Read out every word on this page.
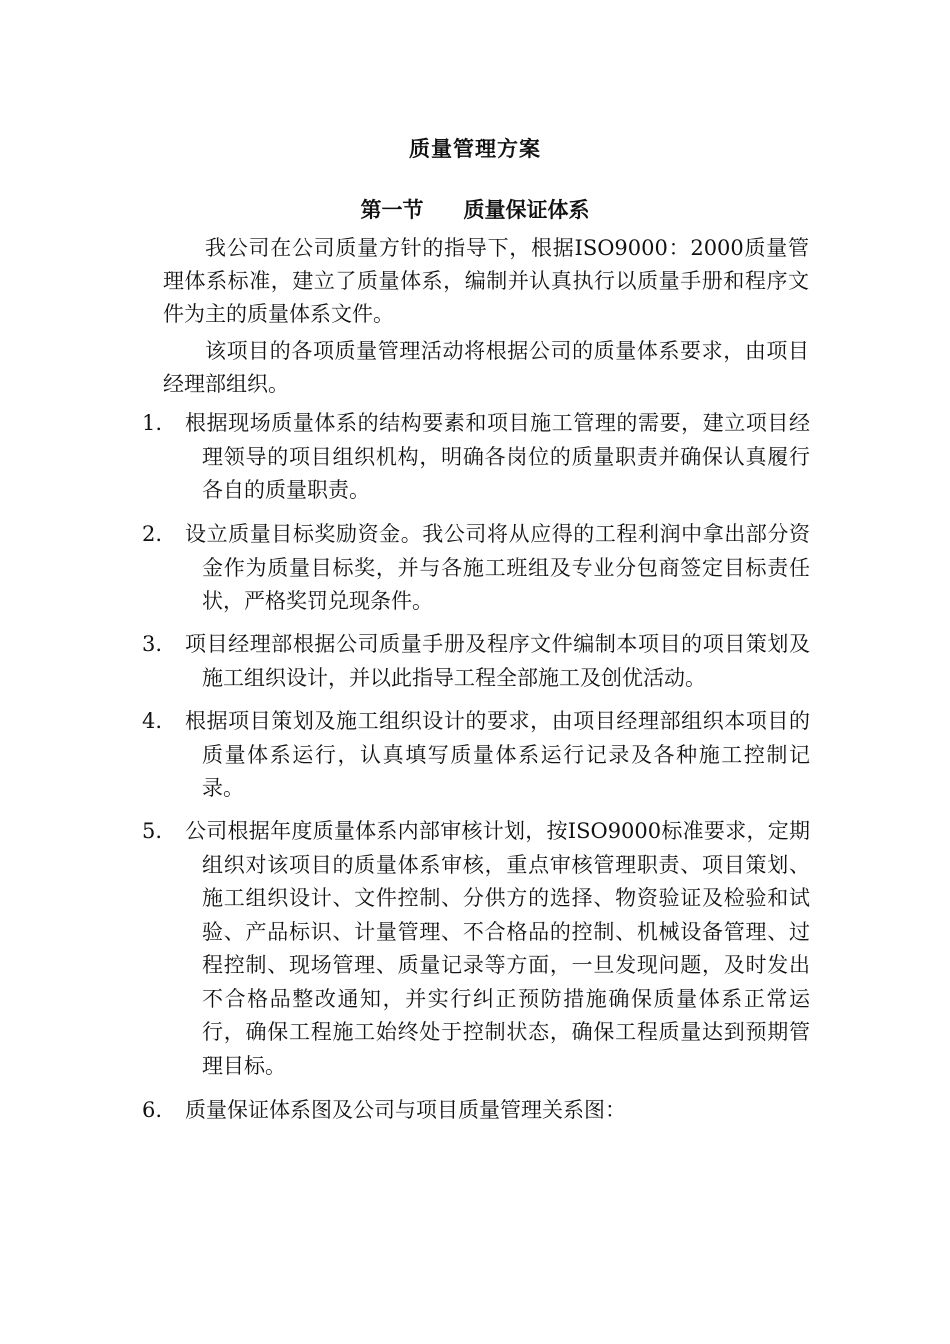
质量管理方案
第一节 质量保证体系
我公司在公司质量方针的指导下，根据ISO9000：2000质量管理体系标准，建立了质量体系，编制并认真执行以质量手册和程序文件为主的质量体系文件。
该项目的各项质量管理活动将根据公司的质量体系要求，由项目经理部组织。
1.	根据现场质量体系的结构要素和项目施工管理的需要，建立项目经理领导的项目组织机构，明确各岗位的质量职责并确保认真履行各自的质量职责。
2.	设立质量目标奖励资金。我公司将从应得的工程利润中拿出部分资金作为质量目标奖，并与各施工班组及专业分包商签定目标责任状，严格奖罚兑现条件。
3.	项目经理部根据公司质量手册及程序文件编制本项目的项目策划及施工组织设计，并以此指导工程全部施工及创优活动。
4.	根据项目策划及施工组织设计的要求，由项目经理部组织本项目的质量体系运行，认真填写质量体系运行记录及各种施工控制记录。
5.	公司根据年度质量体系内部审核计划，按ISO9000标准要求，定期组织对该项目的质量体系审核，重点审核管理职责、项目策划、施工组织设计、文件控制、分供方的选择、物资验证及检验和试验、产品标识、计量管理、不合格品的控制、机械设备管理、过程控制、现场管理、质量记录等方面，一旦发现问题，及时发出不合格品整改通知，并实行纠正预防措施确保质量体系正常运行，确保工程施工始终处于控制状态，确保工程质量达到预期管理目标。
6.	质量保证体系图及公司与项目质量管理关系图：
